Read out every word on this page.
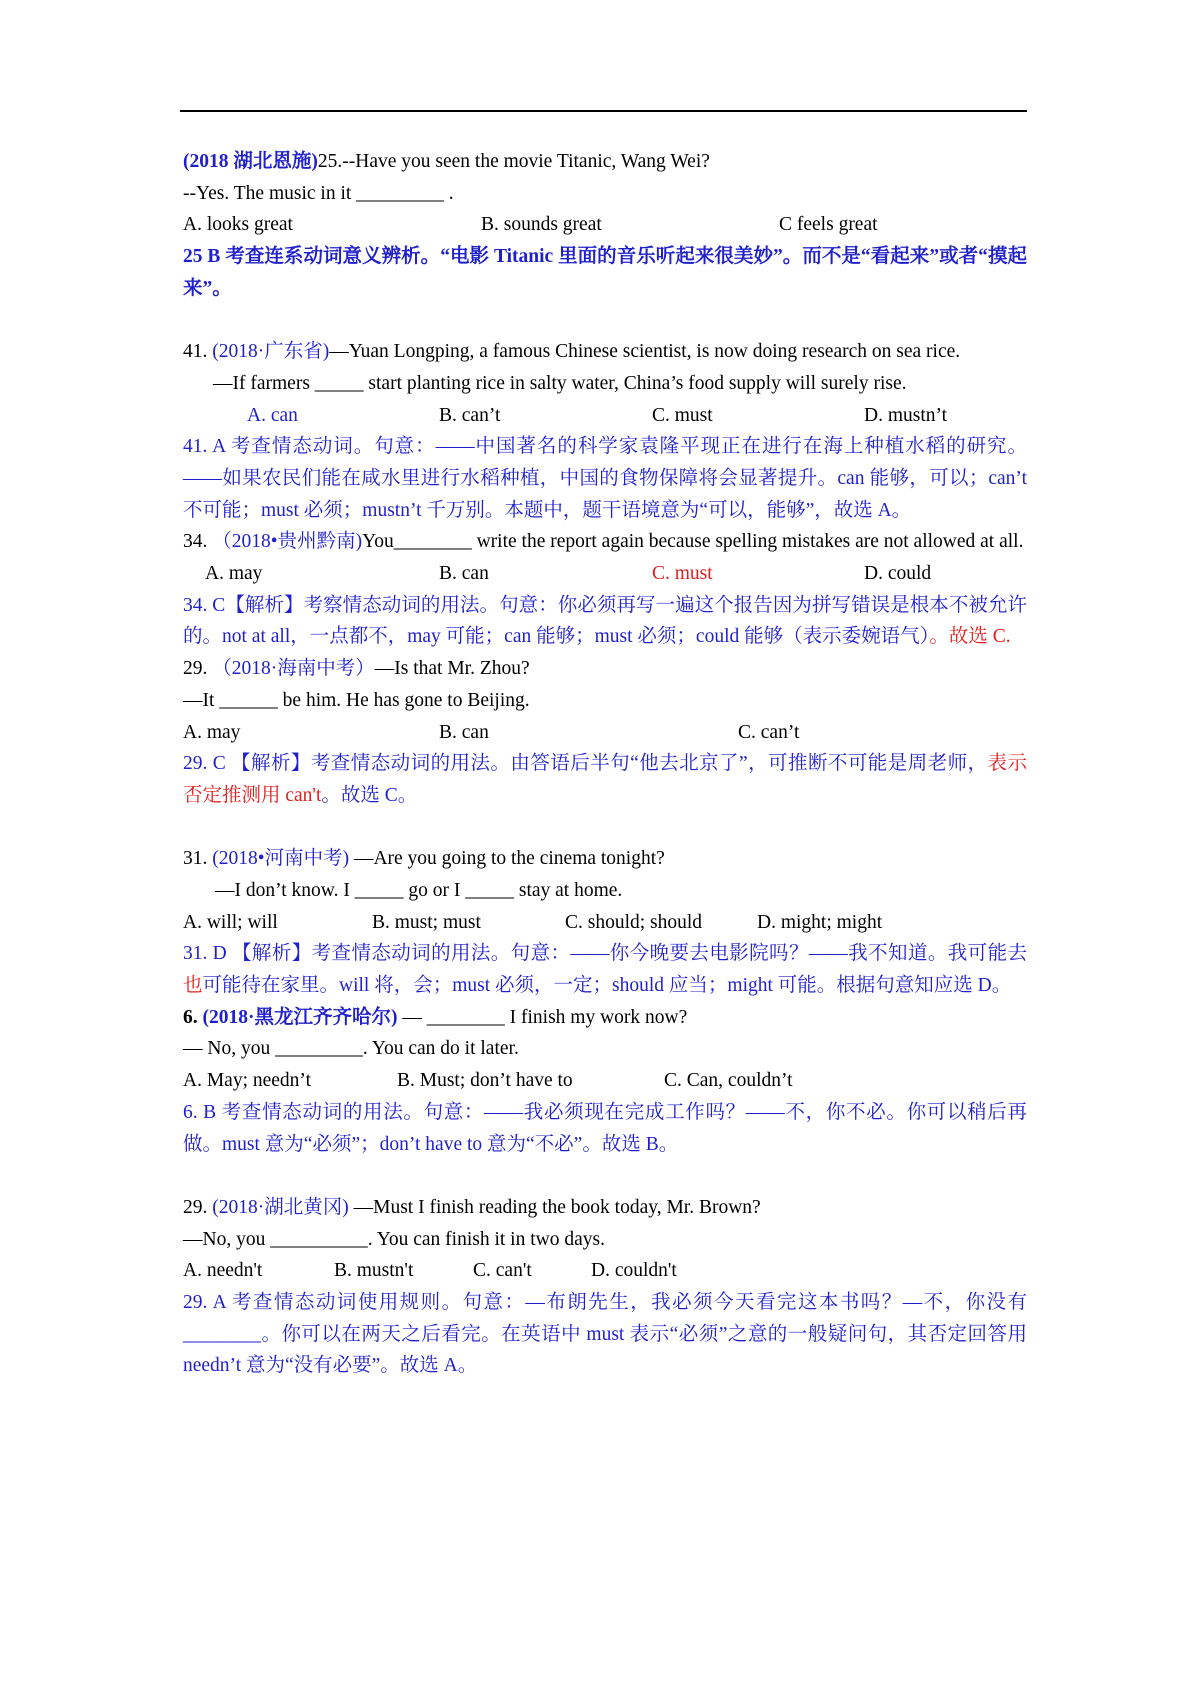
(2018 湖北恩施)25.--Have you seen the movie Titanic, Wang Wei?
--Yes. The music in it _________ .
A. looks great	B. sounds great	C feels great
25 B 考查连系动词意义辨析。“电影 Titanic 里面的音乐听起来很美妙”。而不是“看起来”或者“摸起来”。
41. (2018·广东省)—Yuan Longping, a famous Chinese scientist, is now doing research on sea rice.
—If farmers _____ start planting rice in salty water, China’s food supply will surely rise.
A. can	B. can’t	C. must	D. mustn’t
41. A 考查情态动词。句意：——中国著名的科学家袁隆平现正在进行在海上种植水稻的研究。——如果农民们能在咸水里进行水稻种植，中国的食物保障将会显著提升。can 能够，可以；can’t 不可能；must 必须；mustn’t 千万别。本题中，题干语境意为“可以，能够”，故选 A。
34. （2018•贵州黔南)You________ write the report again because spelling mistakes are not allowed at all.
A. may	B. can	C. must	D. could
34. C【解析】考察情态动词的用法。句意：你必须再写一遍这个报告因为拼写错误是根本不被允许的。not at all，一点都不，may 可能；can 能够；must 必须；could 能够（表示委婉语气）。故选 C.
29. （2018·海南中考）—Is that Mr. Zhou?
—It ______ be him. He has gone to Beijing.
A. may	B. can	C. can’t
29. C 【解析】考查情态动词的用法。由答语后半句“他去北京了”，可推断不可能是周老师，表示否定推测用 can't。故选 C。
31. (2018•河南中考) —Are you going to the cinema tonight?
—I don’t know. I _____ go or I _____ stay at home.
A. will; will	B. must; must	C. should; should	D. might; might
31. D 【解析】考查情态动词的用法。句意：——你今晚要去电影院吗？——我不知道。我可能去也可能待在家里。will 将，会；must 必须，一定；should 应当；might 可能。根据句意知应选 D。
6. (2018·黑龙江齐齐哈尔) — ________ I finish my work now?
— No, you _________. You can do it later.
A. May; needn’t	B. Must; don’t have to	C. Can, couldn’t
6. B 考查情态动词的用法。句意：——我必须现在完成工作吗？——不，你不必。你可以稍后再做。must 意为“必须”；don’t have to 意为“不必”。故选 B。
29. (2018·湖北黄冈) —Must I finish reading the book today, Mr. Brown?
—No, you __________. You can finish it in two days.
A. needn't	B. mustn't	C. can't	D. couldn't
29. A 考查情态动词使用规则。句意：—布朗先生，我必须今天看完这本书吗？—不，你没有________。你可以在两天之后看完。在英语中 must 表示“必须”之意的一般疑问句，其否定回答用 needn’t 意为“没有必要”。故选 A。
